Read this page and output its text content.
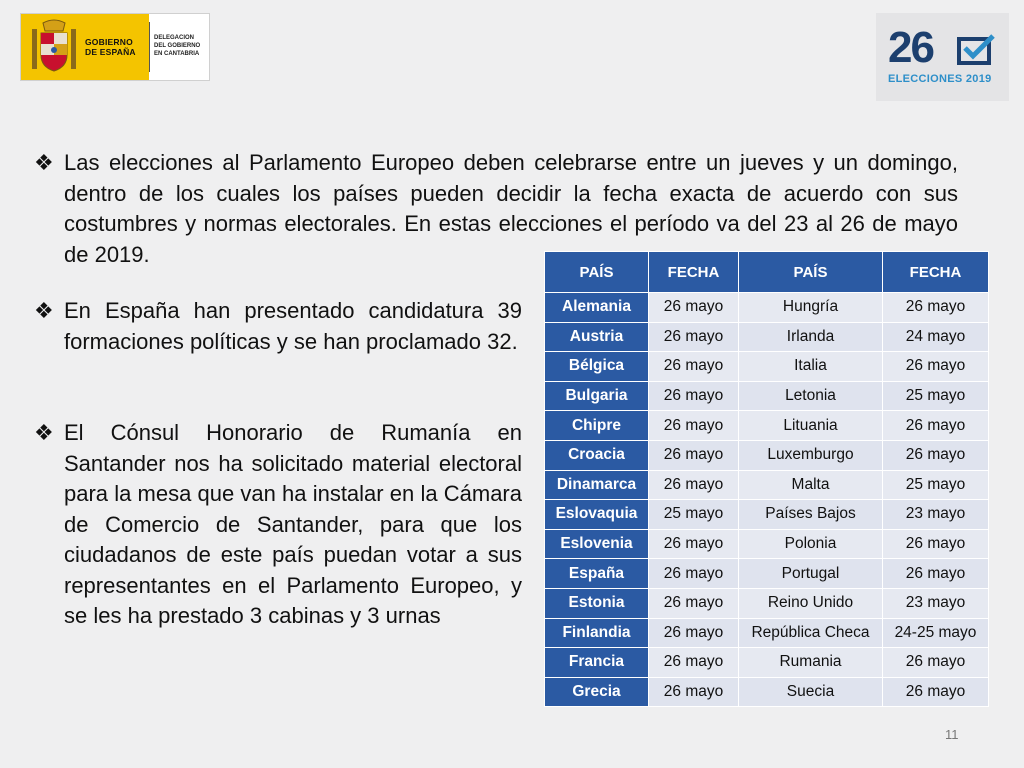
GOBIERNO
DE ESPAÑA
DELEGACION
DEL GOBIERNO
EN CANTABRIA	26
ELECCIONES 2019
❖ Las elecciones al Parlamento Europeo deben celebrarse entre un jueves y un domingo, dentro de los cuales los países pueden decidir la fecha exacta de acuerdo con sus costumbres y normas electorales. En estas elecciones el período va del 23 al 26 de mayo de 2019.

❖ En España han presentado candidatura 39 formaciones políticas y se han proclamado 32.

❖ El Cónsul Honorario de Rumanía en Santander nos ha solicitado material electoral para la mesa que van ha instalar en la Cámara de Comercio de Santander, para que los ciudadanos de este país puedan votar a sus representantes en el Parlamento Europeo, y se les ha prestado 3 cabinas y 3 urnas

PAÍS	FECHA	PAÍS	FECHA
Alemania	26 mayo	Hungría	26 mayo
Austria	26 mayo	Irlanda	24 mayo
Bélgica	26 mayo	Italia	26 mayo
Bulgaria	26 mayo	Letonia	25 mayo
Chipre	26 mayo	Lituania	26 mayo
Croacia	26 mayo	Luxemburgo	26 mayo
Dinamarca	26 mayo	Malta	25 mayo
Eslovaquia	25 mayo	Países Bajos	23 mayo
Eslovenia	26 mayo	Polonia	26 mayo
España	26 mayo	Portugal	26 mayo
Estonia	26 mayo	Reino Unido	23 mayo
Finlandia	26 mayo	República Checa	24-25 mayo
Francia	26 mayo	Rumania	26 mayo
Grecia	26 mayo	Suecia	26 mayo
11
